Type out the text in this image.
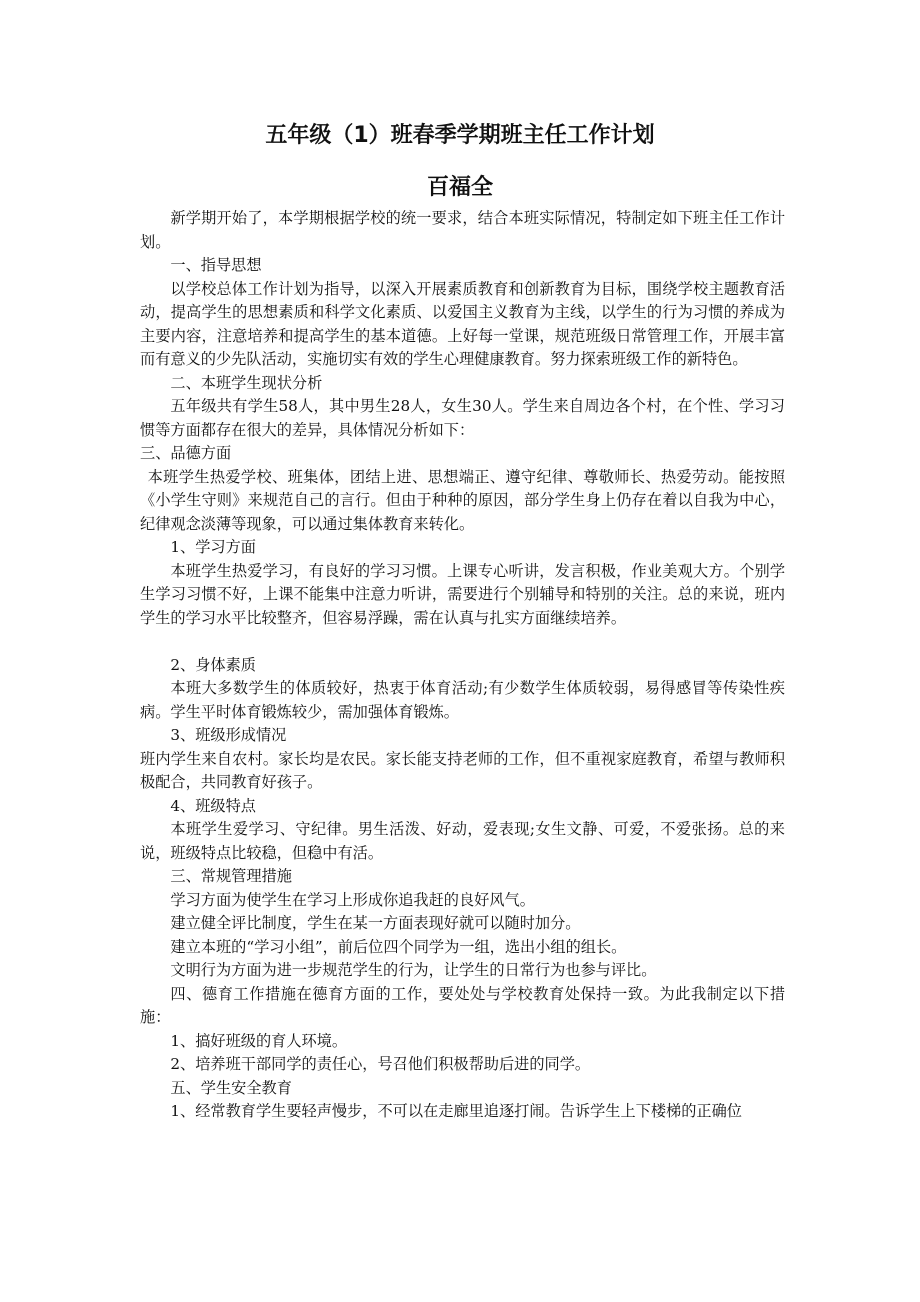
五年级（1）班春季学期班主任工作计划
百福全

新学期开始了，本学期根据学校的统一要求，结合本班实际情况，特制定如下班主任工作计划。

一、指导思想

以学校总体工作计划为指导，以深入开展素质教育和创新教育为目标，围绕学校主题教育活动，提高学生的思想素质和科学文化素质、以爱国主义教育为主线，以学生的行为习惯的养成为主要内容，注意培养和提高学生的基本道德。上好每一堂课，规范班级日常管理工作，开展丰富而有意义的少先队活动，实施切实有效的学生心理健康教育。努力探索班级工作的新特色。

二、本班学生现状分析

五年级共有学生58人，其中男生28人，女生30人。学生来自周边各个村，在个性、学习习惯等方面都存在很大的差异，具体情况分析如下：

三、品德方面

本班学生热爱学校、班集体，团结上进、思想端正、遵守纪律、尊敬师长、热爱劳动。能按照《小学生守则》来规范自己的言行。但由于种种的原因，部分学生身上仍存在着以自我为中心，纪律观念淡薄等现象，可以通过集体教育来转化。

1、学习方面

本班学生热爱学习，有良好的学习习惯。上课专心听讲，发言积极，作业美观大方。个别学生学习习惯不好，上课不能集中注意力听讲，需要进行个别辅导和特别的关注。总的来说，班内学生的学习水平比较整齐，但容易浮躁，需在认真与扎实方面继续培养。

2、身体素质

本班大多数学生的体质较好，热衷于体育活动;有少数学生体质较弱，易得感冒等传染性疾病。学生平时体育锻炼较少，需加强体育锻炼。

3、班级形成情况

班内学生来自农村。家长均是农民。家长能支持老师的工作，但不重视家庭教育，希望与教师积极配合，共同教育好孩子。

4、班级特点

本班学生爱学习、守纪律。男生活泼、好动，爱表现;女生文静、可爱，不爱张扬。总的来说，班级特点比较稳，但稳中有活。

三、常规管理措施

学习方面为使学生在学习上形成你追我赶的良好风气。

建立健全评比制度，学生在某一方面表现好就可以随时加分。

建立本班的“学习小组”，前后位四个同学为一组，选出小组的组长。

文明行为方面为进一步规范学生的行为，让学生的日常行为也参与评比。

四、德育工作措施在德育方面的工作，要处处与学校教育处保持一致。为此我制定以下措施：

1、搞好班级的育人环境。

2、培养班干部同学的责任心，号召他们积极帮助后进的同学。

五、学生安全教育

1、经常教育学生要轻声慢步，不可以在走廊里追逐打闹。告诉学生上下楼梯的正确位
